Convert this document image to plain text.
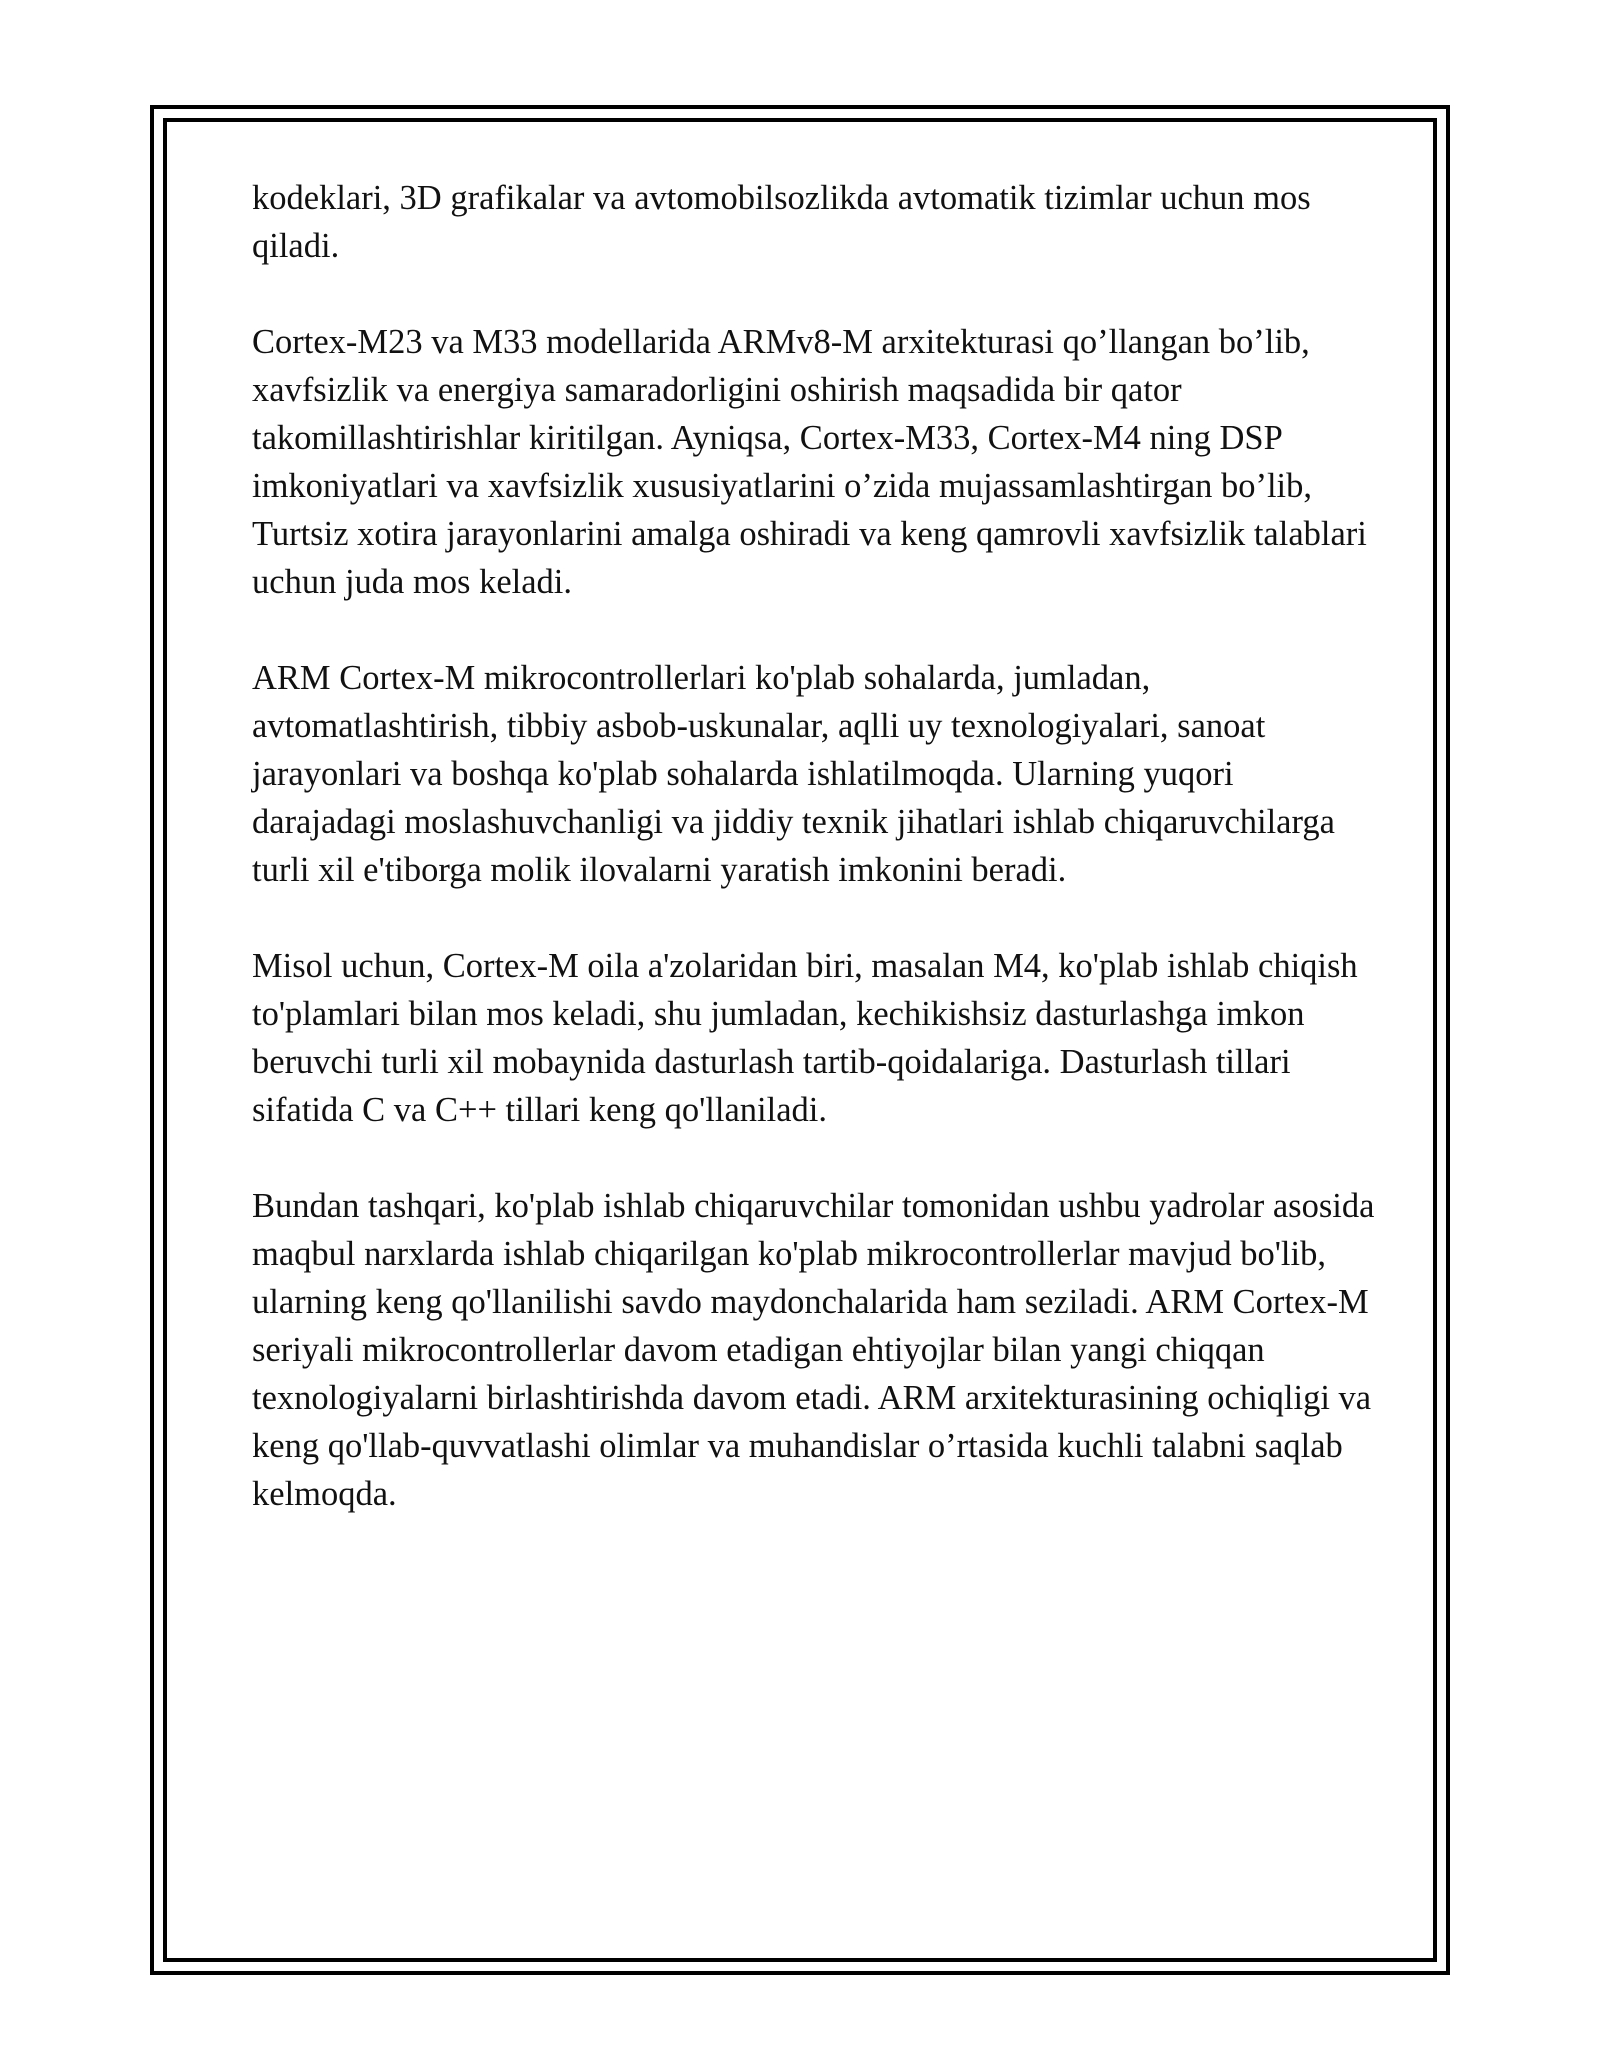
kodeklari, 3D grafikalar va avtomobilsozlikda avtomatik tizimlar uchun mos qiladi.

Cortex-M23 va M33 modellarida ARMv8-M arxitekturasi qo’llangan bo’lib, xavfsizlik va energiya samaradorligini oshirish maqsadida bir qator takomillashtirishlar kiritilgan. Ayniqsa, Cortex-M33, Cortex-M4 ning DSP imkoniyatlari va xavfsizlik xususiyatlarini o’zida mujassamlashtirgan bo’lib, Turtsiz xotira jarayonlarini amalga oshiradi va keng qamrovli xavfsizlik talablari uchun juda mos keladi.

ARM Cortex-M mikrocontrollerlari ko'plab sohalarda, jumladan, avtomatlashtirish, tibbiy asbob-uskunalar, aqlli uy texnologiyalari, sanoat jarayonlari va boshqa ko'plab sohalarda ishlatilmoqda. Ularning yuqori darajadagi moslashuvchanligi va jiddiy texnik jihatlari ishlab chiqaruvchilarga turli xil e'tiborga molik ilovalarni yaratish imkonini beradi.

Misol uchun, Cortex-M oila a'zolaridan biri, masalan M4, ko'plab ishlab chiqish to'plamlari bilan mos keladi, shu jumladan, kechikishsiz dasturlashga imkon beruvchi turli xil mobaynida dasturlash tartib-qoidalariga. Dasturlash tillari sifatida C va C++ tillari keng qo'llaniladi.

Bundan tashqari, ko'plab ishlab chiqaruvchilar tomonidan ushbu yadrolar asosida maqbul narxlarda ishlab chiqarilgan ko'plab mikrocontrollerlar mavjud bo'lib, ularning keng qo'llanilishi savdo maydonchalarida ham seziladi. ARM Cortex-M seriyali mikrocontrollerlar davom etadigan ehtiyojlar bilan yangi chiqqan texnologiyalarni birlashtirishda davom etadi. ARM arxitekturasining ochiqligi va keng qo'llab-quvvatlashi olimlar va muhandislar o’rtasida kuchli talabni saqlab kelmoqda.
